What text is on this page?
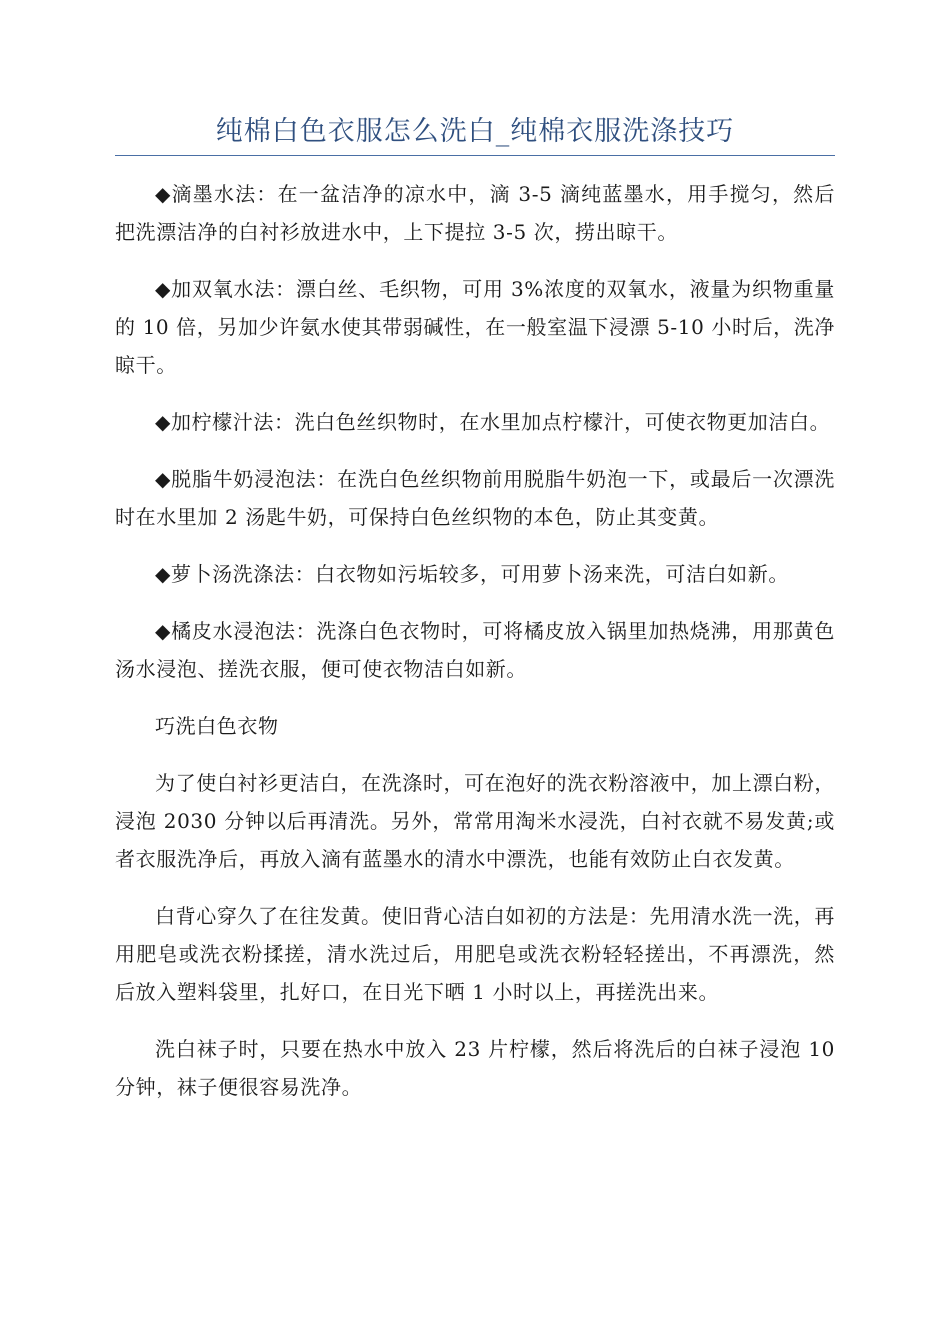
纯棉白色衣服怎么洗白_纯棉衣服洗涤技巧

◆滴墨水法：在一盆洁净的凉水中，滴 3-5 滴纯蓝墨水，用手搅匀，然后把洗漂洁净的白衬衫放进水中，上下提拉 3-5 次，捞出晾干。

◆加双氧水法：漂白丝、毛织物，可用 3%浓度的双氧水，液量为织物重量的 10 倍，另加少许氨水使其带弱碱性，在一般室温下浸漂 5-10 小时后，洗净晾干。

◆加柠檬汁法：洗白色丝织物时，在水里加点柠檬汁，可使衣物更加洁白。

◆脱脂牛奶浸泡法：在洗白色丝织物前用脱脂牛奶泡一下，或最后一次漂洗时在水里加 2 汤匙牛奶，可保持白色丝织物的本色，防止其变黄。

◆萝卜汤洗涤法：白衣物如污垢较多，可用萝卜汤来洗，可洁白如新。

◆橘皮水浸泡法：洗涤白色衣物时，可将橘皮放入锅里加热烧沸，用那黄色汤水浸泡、搓洗衣服，便可使衣物洁白如新。

巧洗白色衣物

为了使白衬衫更洁白，在洗涤时，可在泡好的洗衣粉溶液中，加上漂白粉，浸泡 2030 分钟以后再清洗。另外，常常用淘米水浸洗，白衬衣就不易发黄;或者衣服洗净后，再放入滴有蓝墨水的清水中漂洗，也能有效防止白衣发黄。

白背心穿久了在往发黄。使旧背心洁白如初的方法是：先用清水洗一洗，再用肥皂或洗衣粉揉搓，清水洗过后，用肥皂或洗衣粉轻轻搓出，不再漂洗，然后放入塑料袋里，扎好口，在日光下晒 1 小时以上，再搓洗出来。

洗白袜子时，只要在热水中放入 23 片柠檬，然后将洗后的白袜子浸泡 10 分钟，袜子便很容易洗净。
